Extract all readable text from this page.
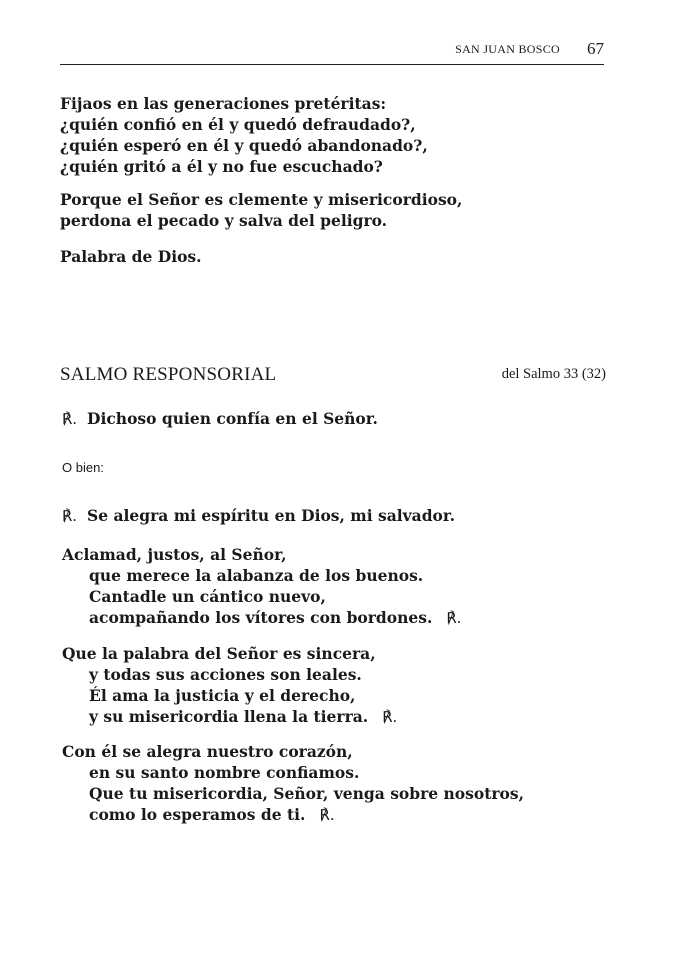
SAN JUAN BOSCO 67
Fijaos en las generaciones pretéritas:
¿quién confió en él y quedó defraudado?,
¿quién esperó en él y quedó abandonado?,
¿quién gritó a él y no fue escuchado?
Porque el Señor es clemente y misericordioso,
perdona el pecado y salva del peligro.
Palabra de Dios.
SALMO RESPONSORIAL	del Salmo 33 (32)
℟. Dichoso quien confía en el Señor.
O bien:
℟. Se alegra mi espíritu en Dios, mi salvador.
Aclamad, justos, al Señor,
que merece la alabanza de los buenos.
Cantadle un cántico nuevo,
acompañando los vítores con bordones. ℟.
Que la palabra del Señor es sincera,
y todas sus acciones son leales.
Él ama la justicia y el derecho,
y su misericordia llena la tierra. ℟.
Con él se alegra nuestro corazón,
en su santo nombre confiamos.
Que tu misericordia, Señor, venga sobre nosotros,
como lo esperamos de ti. ℟.
